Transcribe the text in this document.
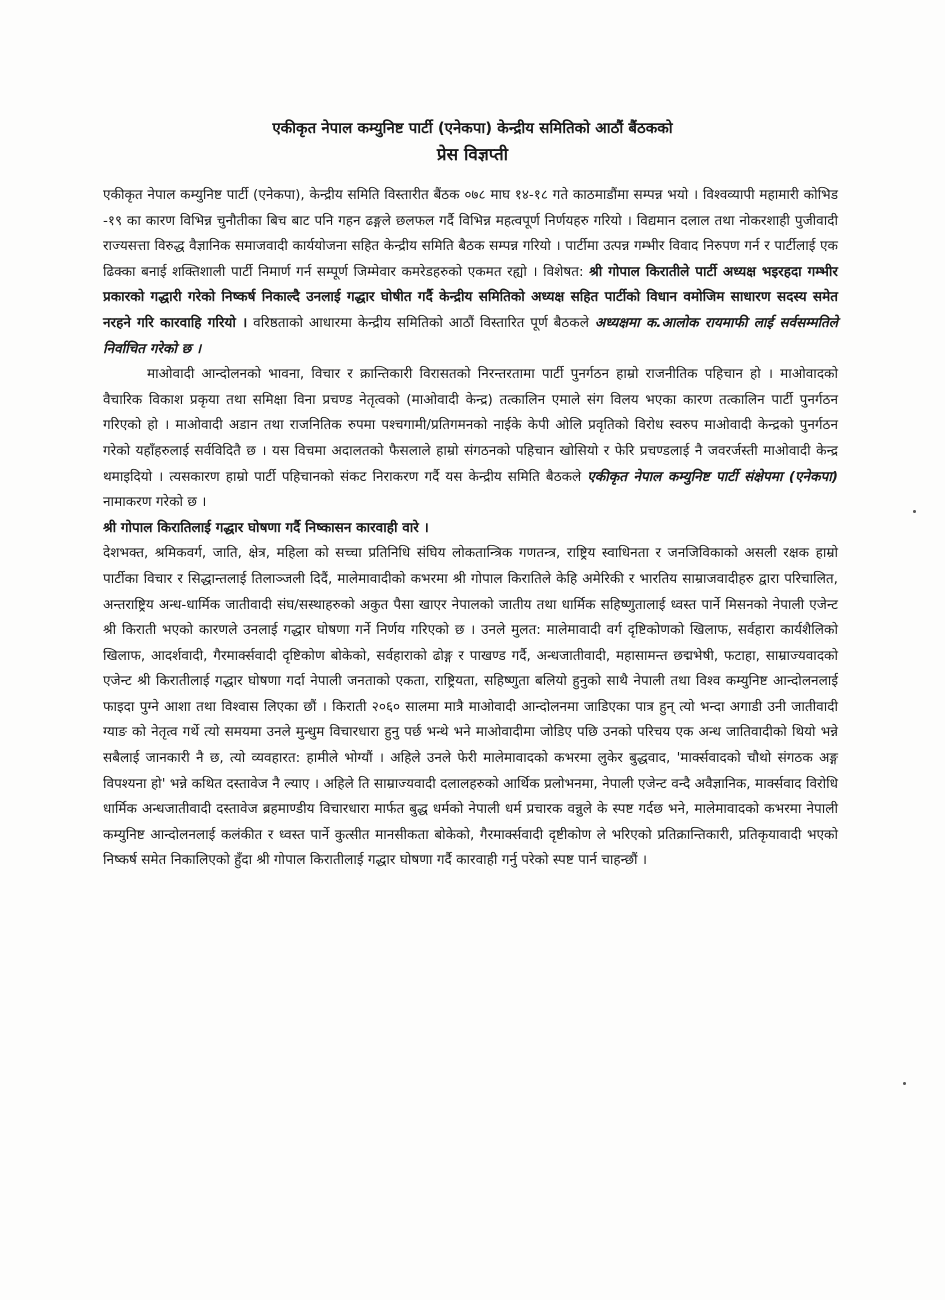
एकीकृत नेपाल कम्युनिष्ट पार्टी (एनेकपा) केन्द्रीय समितिको आठौं बैंठकको
प्रेस विज्ञप्ती

एकीकृत नेपाल कम्युनिष्ट पार्टी (एनेकपा), केन्द्रीय समिति विस्तारीत बैंठक ०७८ माघ १४-१८ गते काठमाडौंमा सम्पन्न भयो । विश्वव्यापी महामारी कोभिड -१९ का कारण विभिन्न चुनौतीका बिच बाट पनि गहन ढङ्गले छलफल गर्दै विभिन्न महत्वपूर्ण निर्णयहरु गरियो । विद्यमान दलाल तथा नोकरशाही पुजीवादी राज्यसत्ता विरुद्ध वैज्ञानिक समाजवादी कार्ययोजना सहित केन्द्रीय समिति बैठक सम्पन्न गरियो । पार्टीमा उत्पन्न गम्भीर विवाद निरुपण गर्न र पार्टीलाई एक ढिक्का बनाई शक्तिशाली पार्टी निमार्ण गर्न सम्पूर्ण जिम्मेवार कमरेडहरुको एकमत रह्यो । विशेषत: श्री गोपाल किरातीले पार्टी अध्यक्ष भइरहदा गम्भीर प्रकारको गद्धारी गरेको निष्कर्ष निकाल्दै उनलाई गद्धार घोषीत गर्दै केन्द्रीय समितिको अध्यक्ष सहित पार्टीको विधान वमोजिम साधारण सदस्य समेत नरहने गरि कारवाहि गरियो । वरिष्ठताको आधारमा केन्द्रीय समितिको आठौं विस्तारित पूर्ण बैठकले अध्यक्षमा क.आलोक रायमाफी लाई सर्वसम्मतिले निर्वाचित गरेको छ ।

माओवादी आन्दोलनको भावना, विचार र क्रान्तिकारी विरासतको निरन्तरतामा पार्टी पुनर्गठन हाम्रो राजनीतिक पहिचान हो । माओवादको वैचारिक विकाश प्रकृया तथा समिक्षा विना प्रचण्ड नेतृत्वको (माओवादी केन्द्र) तत्कालिन एमाले संग विलय भएका कारण तत्कालिन पार्टी पुनर्गठन गरिएको हो । माओवादी अडान तथा राजनितिक रुपमा पश्चगामी/प्रतिगमनको नाईके केपी ओलि प्रवृतिको विरोध स्वरुप माओवादी केन्द्रको पुनर्गठन गरेको यहाँहरुलाई सर्वविदितै छ । यस विचमा अदालतको फैसलाले हाम्रो संगठनको पहिचान खोसियो र फेरि प्रचण्डलाई नै जवरर्जस्ती माओवादी केन्द्र थमाइदियो । त्यसकारण हाम्रो पार्टी पहिचानको संकट निराकरण गर्दै यस केन्द्रीय समिति बैठकले एकीकृत नेपाल कम्युनिष्ट पार्टी संक्षेपमा (एनेकपा) नामाकरण गरेको छ ।

श्री गोपाल किरातिलाई गद्धार घोषणा गर्दै निष्कासन कारवाही वारे ।

देशभक्त, श्रमिकवर्ग, जाति, क्षेत्र, महिला को सच्चा प्रतिनिधि संघिय लोकतान्त्रिक गणतन्त्र, राष्ट्रिय स्वाधिनता र जनजिविकाको असली रक्षक हाम्रो पार्टीका विचार र सिद्धान्तलाई तिलाञ्जली दिदैं, मालेमावादीको कभरमा श्री गोपाल किरातिले केहि अमेरिकी र भारतिय साम्राजवादीहरु द्वारा परिचालित, अन्तराष्ट्रिय अन्ध-धार्मिक जातीवादी संघ/सस्थाहरुको अकुत पैसा खाएर नेपालको जातीय तथा धार्मिक सहिष्णुतालाई ध्वस्त पार्ने मिसनको नेपाली एजेन्ट श्री किराती भएको कारणले उनलाई गद्धार घोषणा गर्ने निर्णय गरिएको छ । उनले मुलत: मालेमावादी वर्ग दृष्टिकोणको खिलाफ, सर्वहारा कार्यशैलिको खिलाफ, आदर्शवादी, गैरमार्क्सवादी दृष्टिकोण बोकेको, सर्वहाराको ढोङ्ग र पाखण्ड गर्दै, अन्धजातीवादी, महासामन्त छद्मभेषी, फटाहा, साम्राज्यवादको एजेन्ट श्री किरातीलाई गद्धार घोषणा गर्दा नेपाली जनताको एकता, राष्ट्रियता, सहिष्णुता बलियो हुनुको साथै नेपाली तथा विश्व कम्युनिष्ट आन्दोलनलाई फाइदा पुग्ने आशा तथा विश्वास लिएका छौं । किराती २०६० सालमा मात्रै माओवादी आन्दोलनमा जाडिएका पात्र हुन् त्यो भन्दा अगाडी उनी जातीवादी ग्याङ को नेतृत्व गर्थे त्यो समयमा उनले मुन्धुम विचारधारा हुनु पर्छ भन्थे भने माओवादीमा जोडिए पछि उनको परिचय एक अन्ध जातिवादीको थियो भन्ने सबैलाई जानकारी नै छ, त्यो व्यवहारत: हामीले भोग्यौं । अहिले उनले फेरी मालेमावादको कभरमा लुकेर बुद्धवाद, 'मार्क्सवादको चौथो संगठक अङ्ग विपश्यना हो' भन्ने कथित दस्तावेज नै ल्याए । अहिले ति साम्राज्यवादी दलालहरुको आर्थिक प्रलोभनमा, नेपाली एजेन्ट वन्दै अवैज्ञानिक, मार्क्सवाद विरोधि धार्मिक अन्धजातीवादी दस्तावेज ब्रहमाण्डीय विचारधारा मार्फत बुद्ध धर्मको नेपाली धर्म प्रचारक वन्नुले के स्पष्ट गर्दछ भने, मालेमावादको कभरमा नेपाली कम्युनिष्ट आन्दोलनलाई कलंकीत र ध्वस्त पार्ने कुत्सीत मानसीकता बोकेको, गैरमार्क्सवादी दृष्टीकोण ले भरिएको प्रतिक्रान्तिकारी, प्रतिकृयावादी भएको निष्कर्ष समेत निकालिएको हुँदा श्री गोपाल किरातीलाई गद्धार घोषणा गर्दै कारवाही गर्नु परेको स्पष्ट पार्न चाहन्छौं ।
